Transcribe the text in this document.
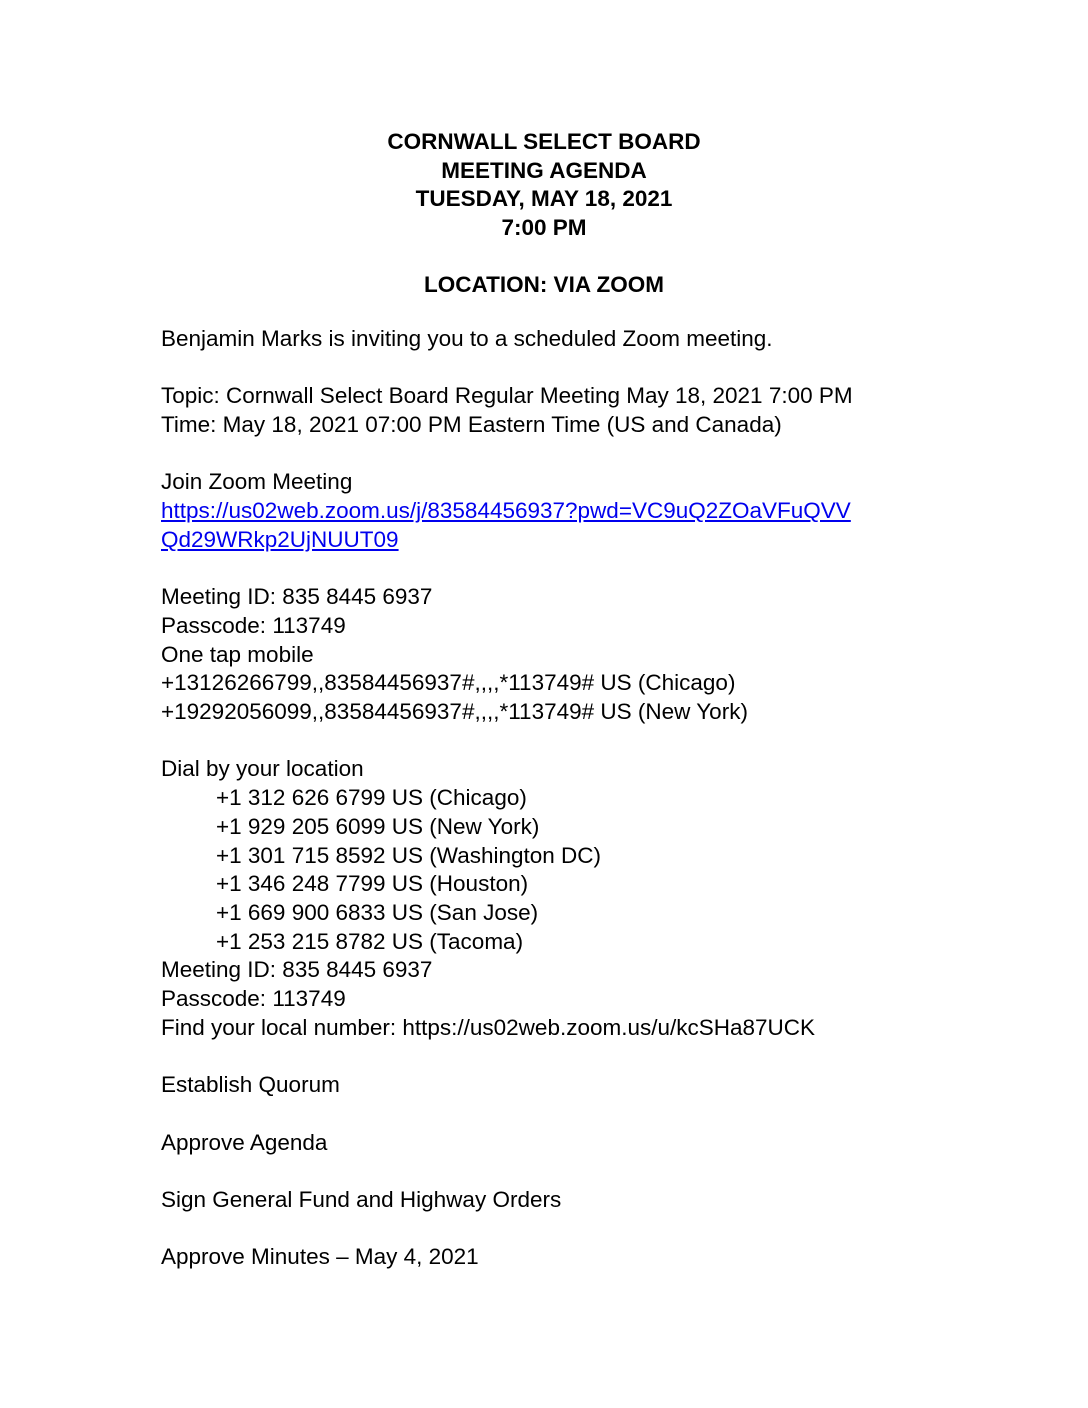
CORNWALL SELECT BOARD
MEETING AGENDA
TUESDAY, MAY 18, 2021
7:00 PM
LOCATION: VIA ZOOM
Benjamin Marks is inviting you to a scheduled Zoom meeting.
Topic: Cornwall Select Board Regular Meeting May 18, 2021 7:00 PM
Time: May 18, 2021 07:00 PM Eastern Time (US and Canada)
Join Zoom Meeting
https://us02web.zoom.us/j/83584456937?pwd=VC9uQ2ZOaVFuQVV
Qd29WRkp2UjNUUT09
Meeting ID: 835 8445 6937
Passcode: 113749
One tap mobile
+13126266799,,83584456937#,,,,*113749# US (Chicago)
+19292056099,,83584456937#,,,,*113749# US (New York)
Dial by your location
+1 312 626 6799 US (Chicago)
+1 929 205 6099 US (New York)
+1 301 715 8592 US (Washington DC)
+1 346 248 7799 US (Houston)
+1 669 900 6833 US (San Jose)
+1 253 215 8782 US (Tacoma)
Meeting ID: 835 8445 6937
Passcode: 113749
Find your local number: https://us02web.zoom.us/u/kcSHa87UCK
Establish Quorum
Approve Agenda
Sign General Fund and Highway Orders
Approve Minutes – May 4, 2021
